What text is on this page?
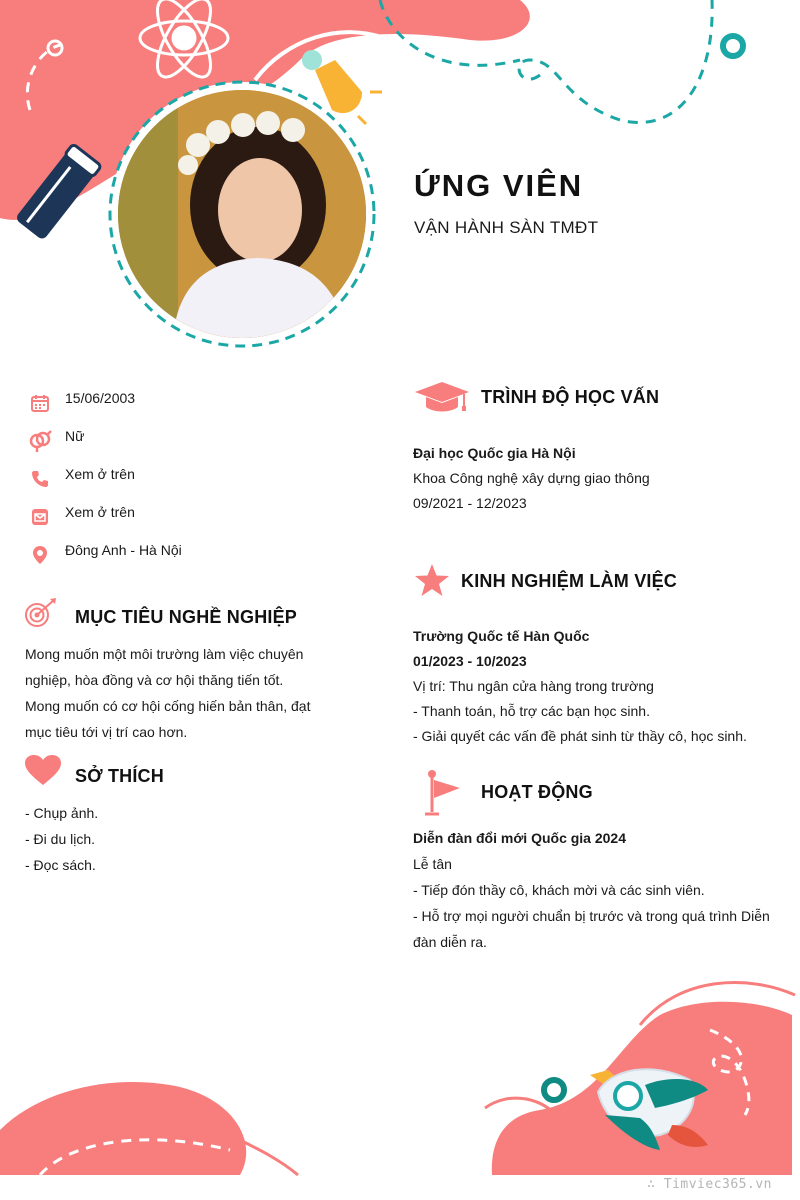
ỨNG VIÊN
VẬN HÀNH SÀN TMĐT
15/06/2003
Nữ
Xem ở trên
Xem ở trên
Đông Anh - Hà Nội
MỤC TIÊU NGHỀ NGHIỆP

Mong muốn một môi trường làm việc chuyên

nghiệp, hòa đồng và cơ hội thăng tiến tốt.

Mong muốn có cơ hội cống hiến bản thân, đạt

mục tiêu tới vị trí cao hơn.

SỞ THÍCH

- Chụp ảnh.

- Đi du lịch.

- Đọc sách.

TRÌNH ĐỘ HỌC VẤN

Đại học Quốc gia Hà Nội

Khoa Công nghệ xây dựng giao thông

09/2021 - 12/2023

KINH NGHIỆM LÀM VIỆC

Trường Quốc tế Hàn Quốc

01/2023 - 10/2023

Vị trí: Thu ngân cửa hàng trong trường

- Thanh toán, hỗ trợ các bạn học sinh.

- Giải quyết các vấn đề phát sinh từ thầy cô, học sinh.

HOẠT ĐỘNG

Diễn đàn đổi mới Quốc gia 2024

Lễ tân

- Tiếp đón thầy cô, khách mời và các sinh viên.

- Hỗ trợ mọi người chuẩn bị trước và trong quá trình Diễn

đàn diễn ra.

∴ Timviec365.vn
